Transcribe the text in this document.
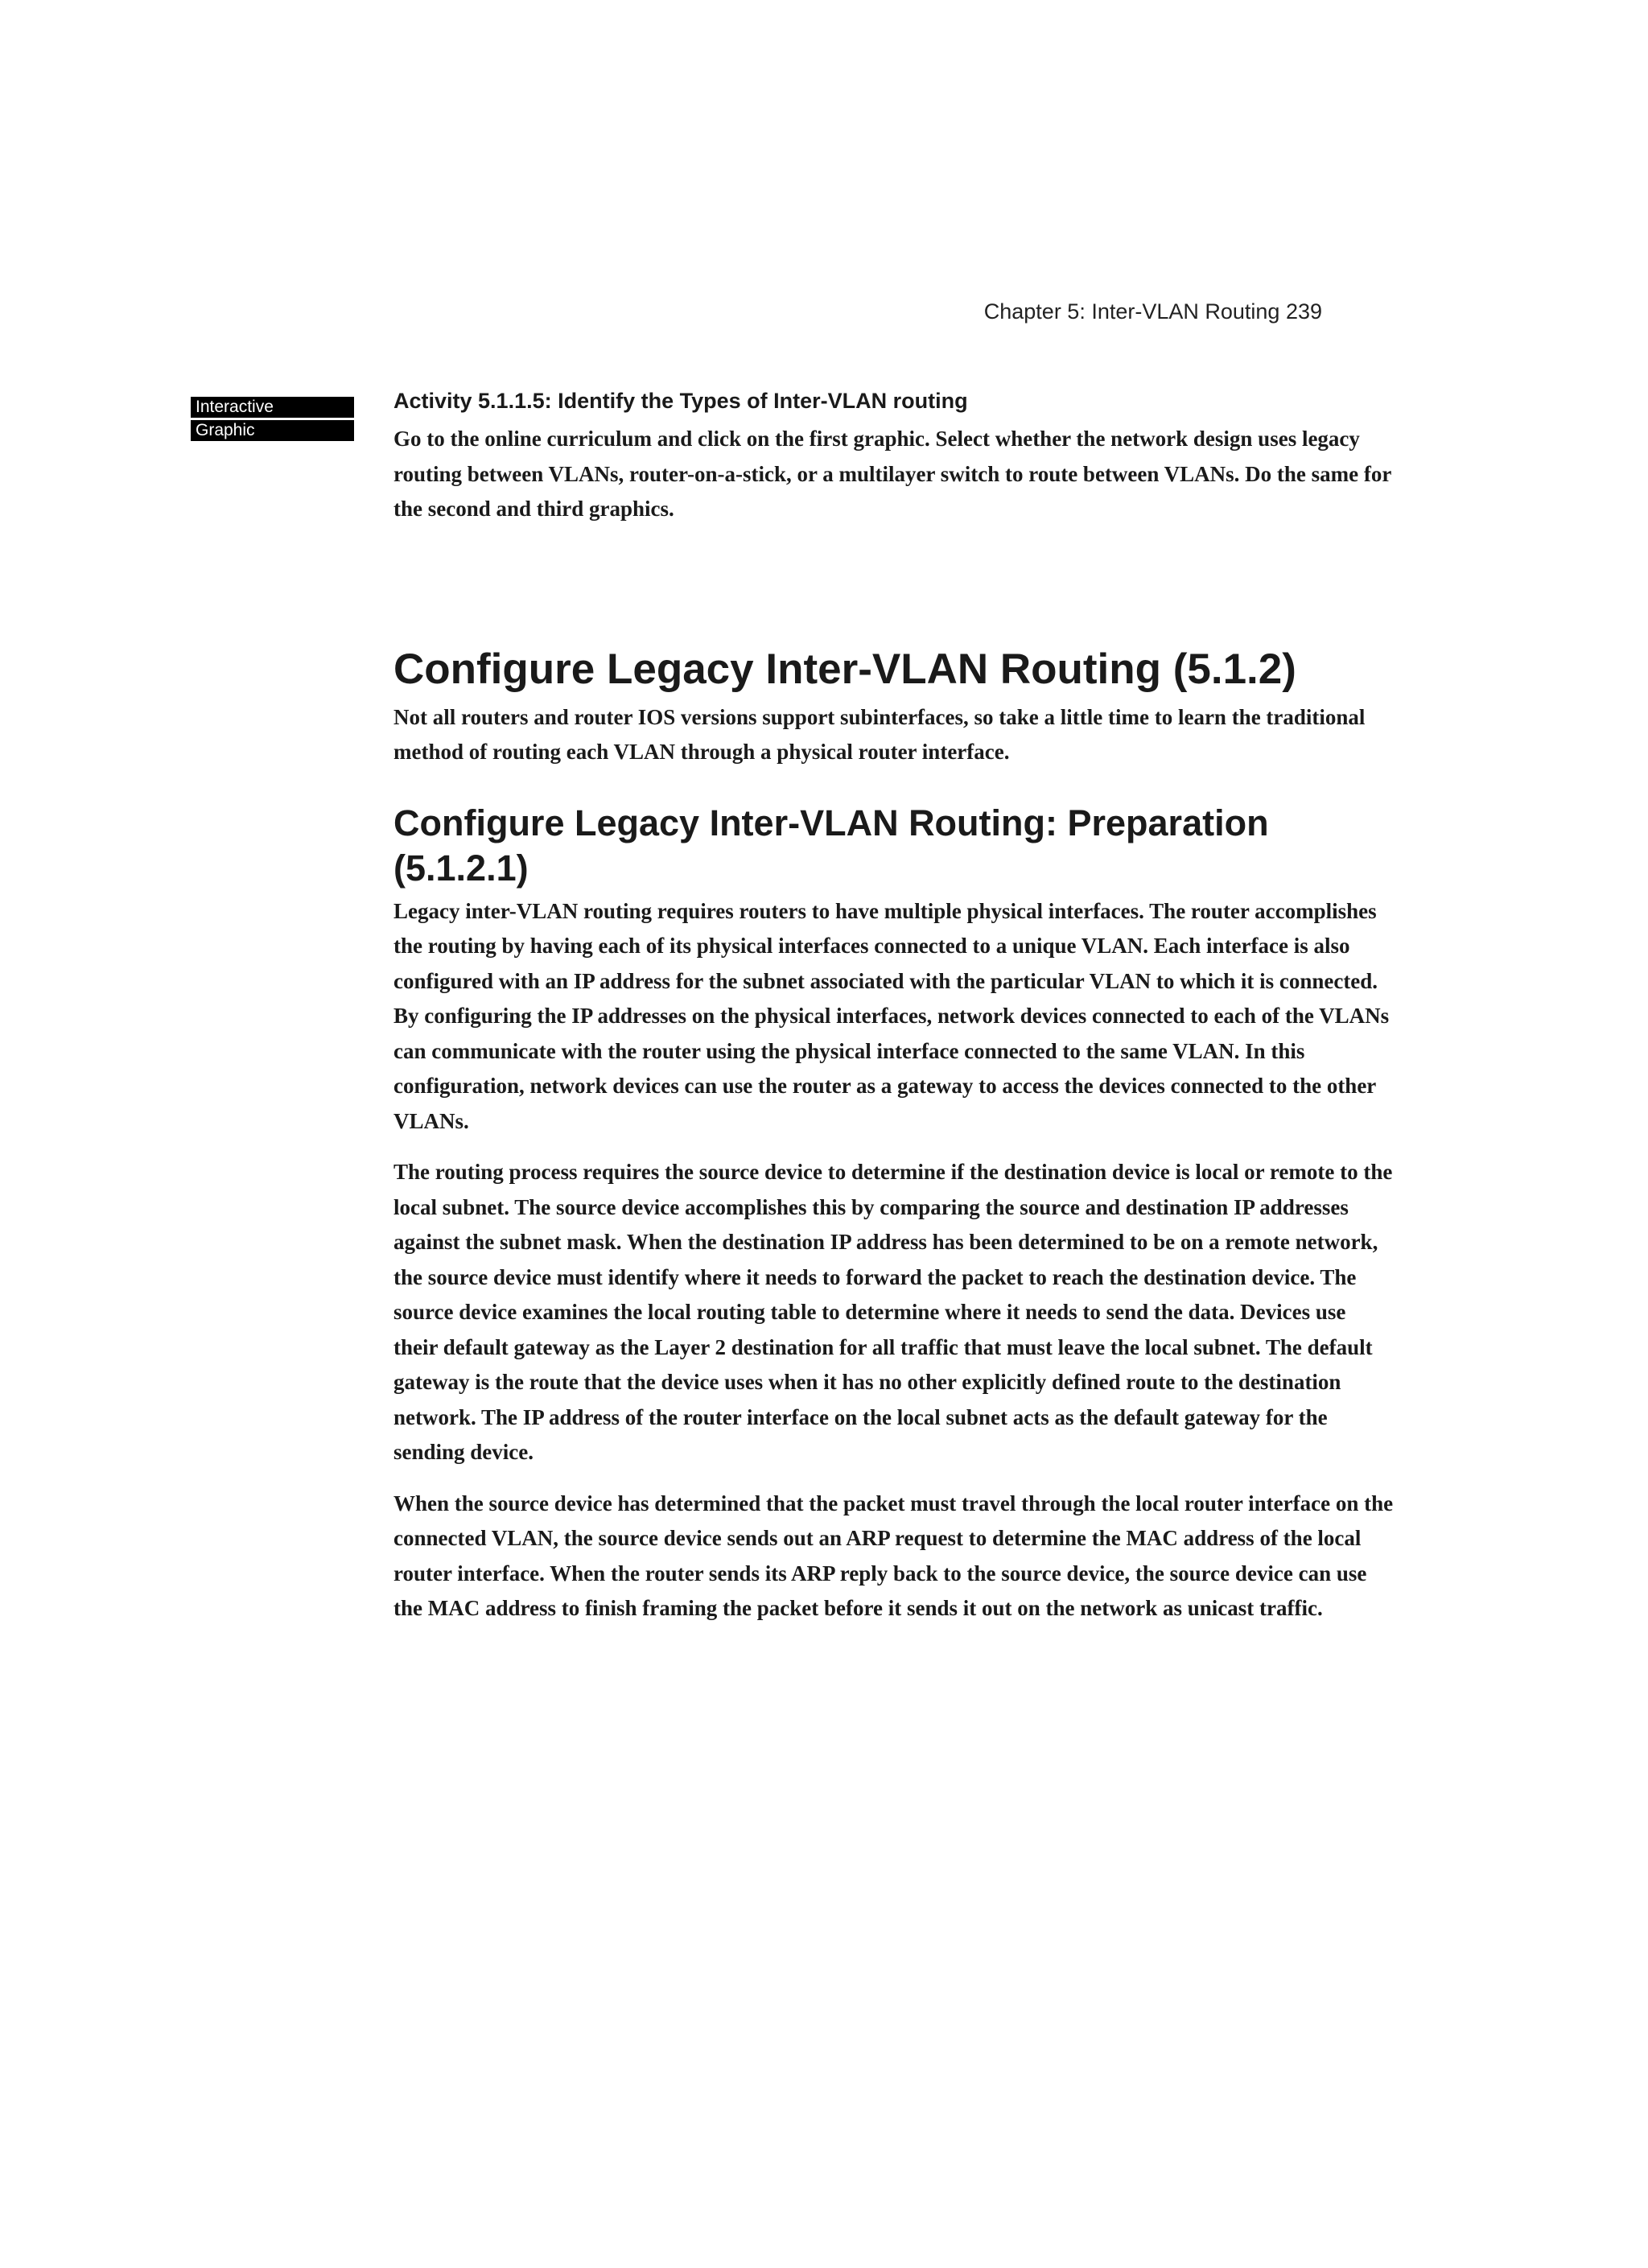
Chapter 5: Inter-VLAN Routing 239
Interactive
Graphic
Activity 5.1.1.5: Identify the Types of Inter-VLAN routing

Go to the online curriculum and click on the first graphic. Select whether the network design uses legacy routing between VLANs, router-on-a-stick, or a multilayer switch to route between VLANs. Do the same for the second and third graphics.

Configure Legacy Inter-VLAN Routing (5.1.2)

Not all routers and router IOS versions support subinterfaces, so take a little time to learn the traditional method of routing each VLAN through a physical router interface.

Configure Legacy Inter-VLAN Routing: Preparation (5.1.2.1)

Legacy inter-VLAN routing requires routers to have multiple physical interfaces. The router accomplishes the routing by having each of its physical interfaces connected to a unique VLAN. Each interface is also configured with an IP address for the subnet associated with the particular VLAN to which it is connected. By configuring the IP addresses on the physical interfaces, network devices connected to each of the VLANs can communicate with the router using the physical interface connected to the same VLAN. In this configuration, network devices can use the router as a gateway to access the devices connected to the other VLANs.

The routing process requires the source device to determine if the destination device is local or remote to the local subnet. The source device accomplishes this by comparing the source and destination IP addresses against the subnet mask. When the destination IP address has been determined to be on a remote network, the source device must identify where it needs to forward the packet to reach the destination device. The source device examines the local routing table to determine where it needs to send the data. Devices use their default gateway as the Layer 2 destination for all traffic that must leave the local subnet. The default gateway is the route that the device uses when it has no other explicitly defined route to the destination network. The IP address of the router interface on the local subnet acts as the default gateway for the sending device.

When the source device has determined that the packet must travel through the local router interface on the connected VLAN, the source device sends out an ARP request to determine the MAC address of the local router interface. When the router sends its ARP reply back to the source device, the source device can use the MAC address to finish framing the packet before it sends it out on the network as unicast traffic.
